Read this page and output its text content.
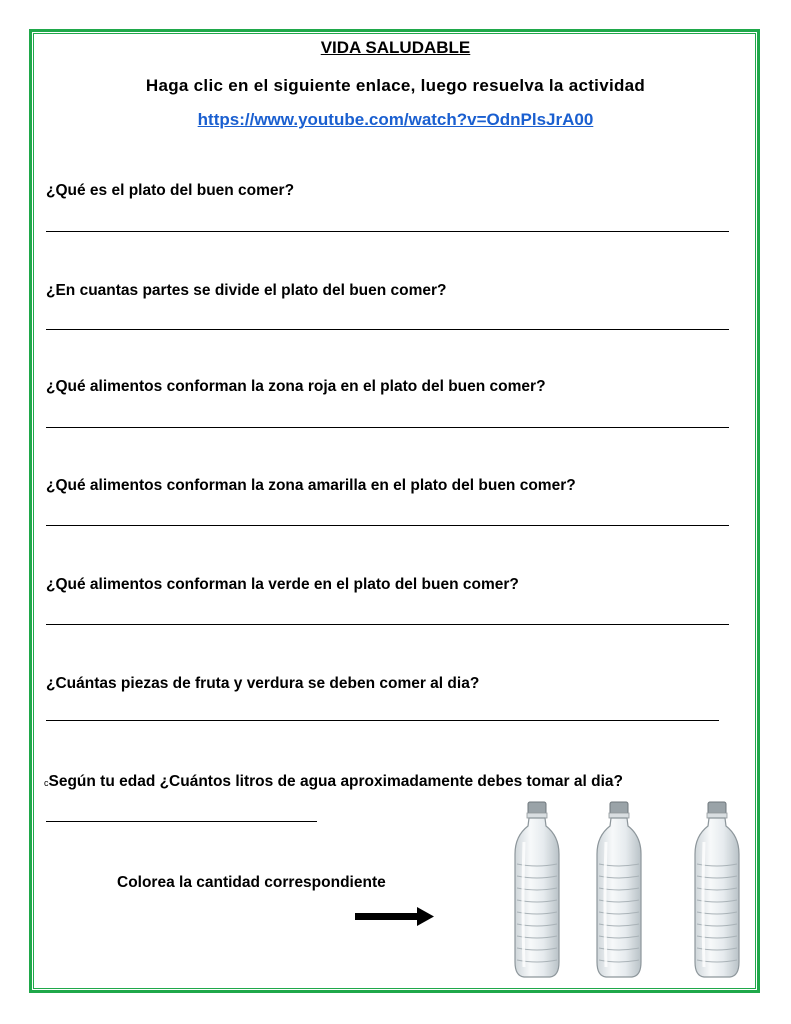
VIDA SALUDABLE
Haga clic en el siguiente enlace, luego resuelva la actividad
https://www.youtube.com/watch?v=OdnPlsJrA00
¿Qué es el plato del buen comer?
¿En cuantas partes se divide el plato del buen comer?
¿Qué alimentos conforman la zona roja en el plato del buen comer?
¿Qué alimentos conforman la zona amarilla en el plato del buen comer?
¿Qué alimentos conforman la verde en el plato del buen comer?
¿Cuántas piezas de fruta y verdura se deben comer al dia?
cSegún tu edad ¿Cuántos litros de agua aproximadamente debes tomar al dia?
Colorea la cantidad correspondiente
